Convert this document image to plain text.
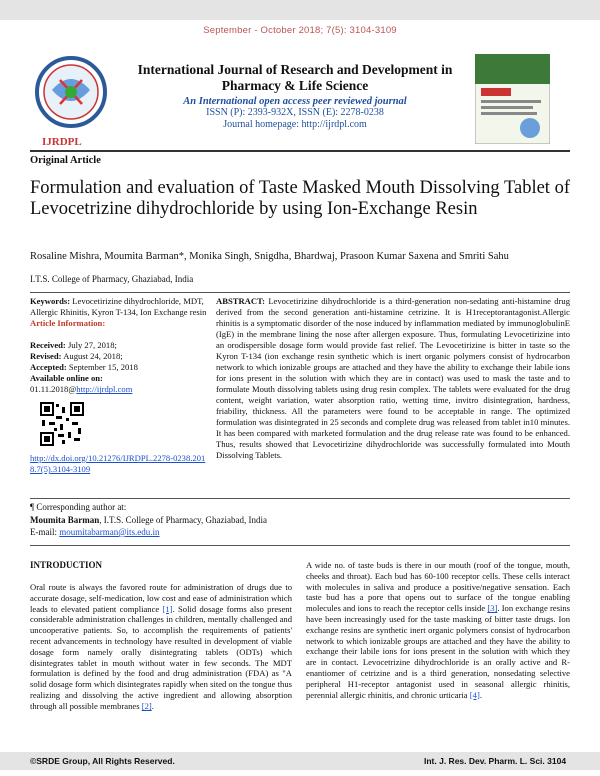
September - October 2018; 7(5): 3104-3109
IJRDPL
International Journal of Research and Development in
Pharmacy & Life Science
An International open access peer reviewed journal
ISSN (P): 2393-932X, ISSN (E): 2278-0238
Journal homepage: http://ijrdpl.com
Original Article
Formulation and evaluation of Taste Masked Mouth Dissolving Tablet of Levocetrizine dihydrochloride by using Ion-Exchange Resin
Rosaline Mishra, Moumita Barman*, Monika Singh, Snigdha, Bhardwaj, Prasoon Kumar Saxena and Smriti Sahu
I.T.S. College of Pharmacy, Ghaziabad, India
Keywords: Levocetirizine dihydrochloride, MDT, Allergic Rhinitis, Kyron T-134, Ion Exchange resin
Article Information:
Received: July 27, 2018;
Revised: August 24, 2018;
Accepted: September 15, 2018
Available online on:
01.11.2018@http://ijrdpl.com
http://dx.doi.org/10.21276/IJRDPL.2278-0238.2018.7(5).3104-3109
ABSTRACT: Levocetirizine dihydrochloride is a third-generation non-sedating anti-histamine drug derived from the second generation anti-histamine cetrizine. It is H1receptorantagonist.Allergic rhinitis is a symptomatic disorder of the nose induced by inflammation mediated by immunoglobulinE (IgE) in the membrane lining the nose after allergen exposure. Thus, formulating Levocetirizine into an orodispersible dosage form would provide fast relief. The Levocetirizine is bitter in taste so the Kyron T-134 (ion exchange resin synthetic which is inert organic polymers consist of hydrocarbon network to which ionizable groups are attached and they have the ability to exchange their labile ions for ions present in the solution with which they are in contact) was used to mask the taste and to formulate Mouth dissolving tablets using drug resin complex. The tablets were evaluated for the drug content, weight variation, water absorption ratio, wetting time, invitro disintegration, hardness, friability, thickness. All the parameters were found to be acceptable in range. The optimized formulation was disintegrated in 25 seconds and complete drug was released from tablet in10 minutes. It has been compared with marketed formulation and the drug release rate was found to be enhanced. Thus, results showed that Levocetirizine dihydrochloride was successfully formulated into Mouth Dissolving Tablets.
¶ Corresponding author at:
Moumita Barman, I.T.S. College of Pharmacy, Ghaziabad, India
E-mail: moumitabarman@its.edu.in
INTRODUCTION
Oral route is always the favored route for administration of drugs due to accurate dosage, self-medication, low cost and ease of administration which leads to elevated patient compliance [1]. Solid dosage forms also present considerable administration challenges in children, mentally challenged and uncooperative patients. So, to accomplish the requirements of patients' recent advancements in technology have resulted in development of viable dosage form namely orally disintegrating tablets (ODTs) which disintegrates tablet in mouth without water in few seconds. The MDT formulation is defined by the food and drug administration (FDA) as "A solid dosage form which disintegrates rapidly when sited on the tongue thus realizing and dissolving the active ingredient and allowing absorption through all possible membranes [2].
A wide no. of taste buds is there in our mouth (roof of the tongue, mouth, cheeks and throat). Each bud has 60-100 receptor cells. These cells interact with molecules in saliva and produce a positive/negative sensation. Each taste bud has a pore that opens out to surface of the tongue enabling molecules and ions to reach the receptor cells inside [3]. Ion exchange resins have been increasingly used for the taste masking of bitter taste drugs. Ion exchange resins are synthetic inert organic polymers consist of hydrocarbon network to which ionizable groups are attached and they have the ability to exchange their labile ions for ions present in the solution with which they are in contact. Levocetrizine dihydrochloride is an orally active and R-enantiomer of cetrizine and is a third generation, nonsedating selective peripheral H1-receptor antagonist used in seasonal allergic rhinitis, perennial allergic rhinitis, and chronic urticaria [4].
©SRDE Group, All Rights Reserved.	Int. J. Res. Dev. Pharm. L. Sci. 3104
